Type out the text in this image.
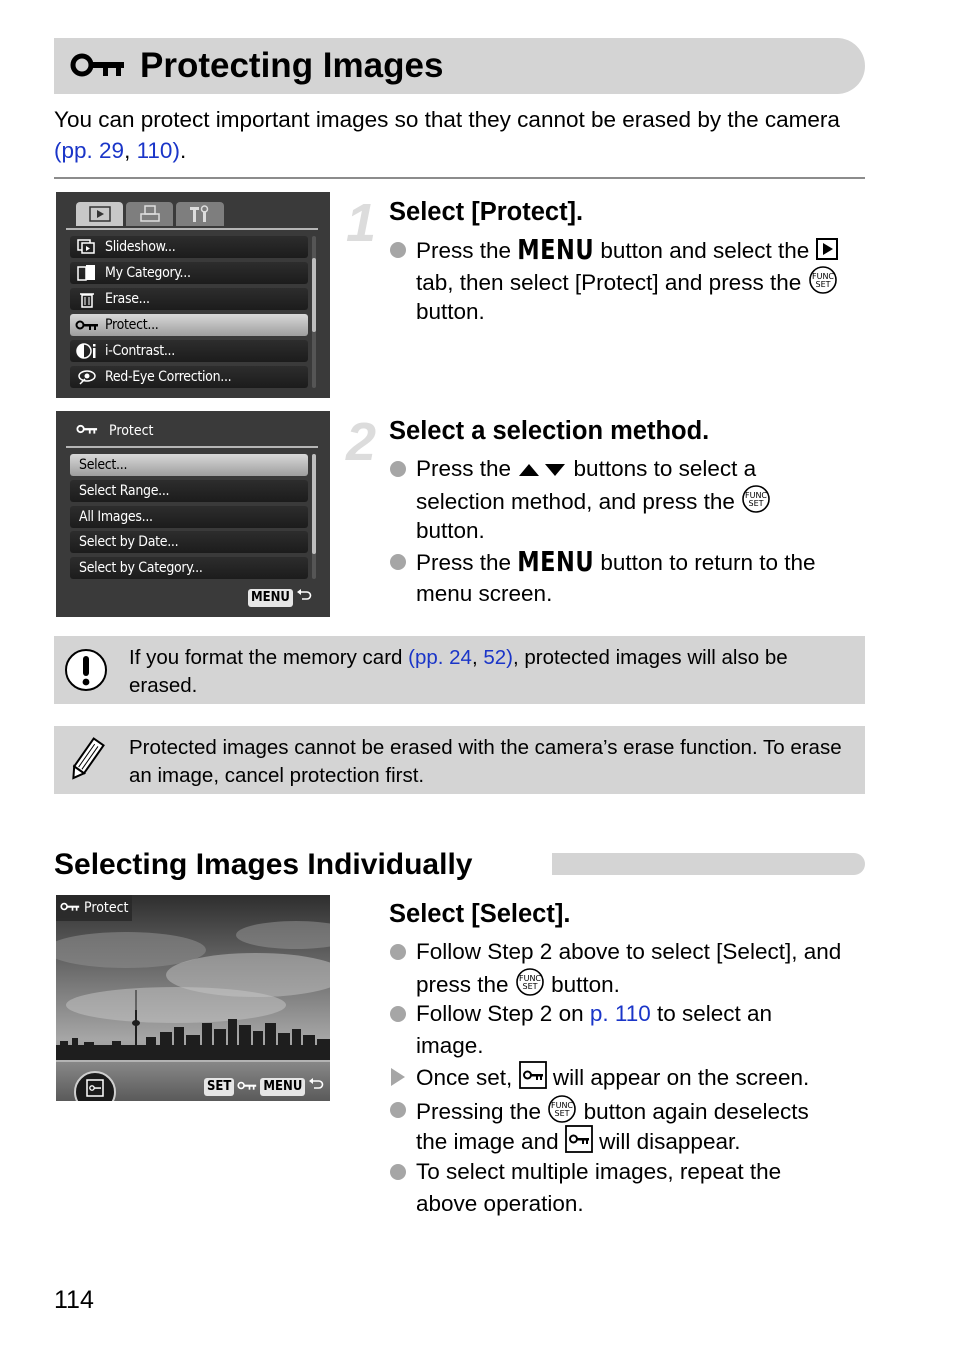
Protecting Images
You can protect important images so that they cannot be erased by the camera (pp. 29, 110).
Slideshow...
My Category...
Erase...
Protect...
i-Contrast...
Red-Eye Correction...
1 Select [Protect].
Press the MENU button and select the
tab, then select [Protect] and press the FUNC
SET
button.
Protect
Select...
Select Range...
All Images...
Select by Date...
Select by Category...
MENU
2 Select a selection method.
Press the  buttons to select a
selection method, and press the FUNC
SET
button.
Press the MENU button to return to the
menu screen.
If you format the memory card (pp. 24, 52), protected images will also be erased.
Protected images cannot be erased with the camera’s erase function. To erase an image, cancel protection first.
Selecting Images Individually
Protect
SET MENU
Select [Select].
Follow Step 2 above to select [Select], and
press the FUNC
SET button.
Follow Step 2 on p. 110 to select an
image.
Once set, will appear on the screen.
Pressing the FUNC
SET button again deselects
the image and will disappear.
To select multiple images, repeat the
above operation.
114
